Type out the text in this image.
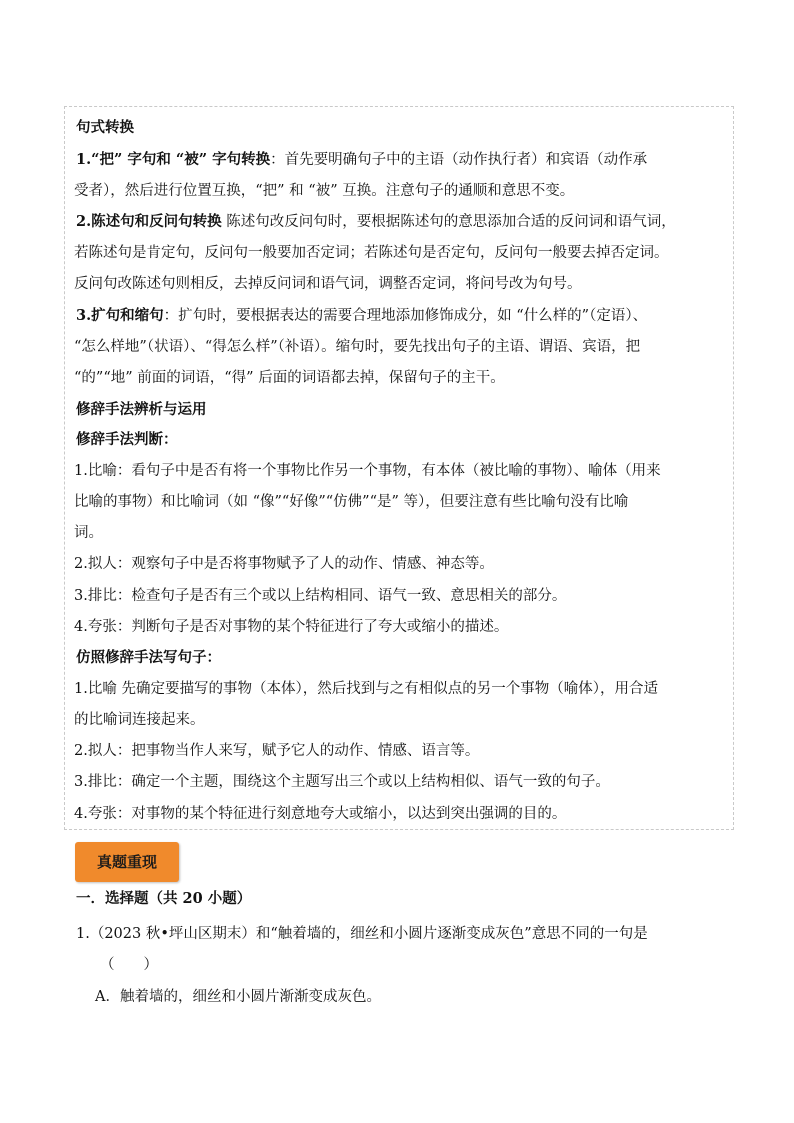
句式转换
1.“把” 字句和 “被” 字句转换：首先要明确句子中的主语（动作执行者）和宾语（动作承
受者），然后进行位置互换，“把” 和 “被” 互换。注意句子的通顺和意思不变。
2.陈述句和反问句转换 陈述句改反问句时，要根据陈述句的意思添加合适的反问词和语气词，
若陈述句是肯定句，反问句一般要加否定词；若陈述句是否定句，反问句一般要去掉否定词。
反问句改陈述句则相反，去掉反问词和语气词，调整否定词，将问号改为句号。
3.扩句和缩句：扩句时，要根据表达的需要合理地添加修饰成分，如 “什么样的”（定语）、
“怎么样地”（状语）、“得怎么样”（补语）。缩句时，要先找出句子的主语、谓语、宾语，把
“的”“地” 前面的词语，“得” 后面的词语都去掉，保留句子的主干。
修辞手法辨析与运用
修辞手法判断：
1.比喻：看句子中是否有将一个事物比作另一个事物，有本体（被比喻的事物）、喻体（用来
比喻的事物）和比喻词（如 “像”“好像”“仿佛”“是” 等），但要注意有些比喻句没有比喻
词。
2.拟人：观察句子中是否将事物赋予了人的动作、情感、神态等。
3.排比：检查句子是否有三个或以上结构相同、语气一致、意思相关的部分。
4.夸张：判断句子是否对事物的某个特征进行了夸大或缩小的描述。
仿照修辞手法写句子：
1.比喻 先确定要描写的事物（本体），然后找到与之有相似点的另一个事物（喻体），用合适
的比喻词连接起来。
2.拟人：把事物当作人来写，赋予它人的动作、情感、语言等。
3.排比：确定一个主题，围绕这个主题写出三个或以上结构相似、语气一致的句子。
4.夸张：对事物的某个特征进行刻意地夸大或缩小，以达到突出强调的目的。
真题重现
一．选择题（共 20 小题）
1.（2023 秋•坪山区期末）和“触着墙的，细丝和小圆片逐渐变成灰色”意思不同的一句是
（　　）
A．触着墙的，细丝和小圆片渐渐变成灰色。
